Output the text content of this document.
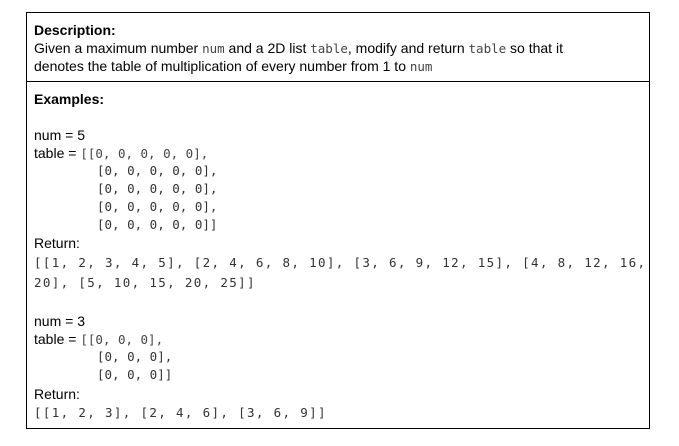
Description:
Given a maximum number num and a 2D list table, modify and return table so that it
denotes the table of multiplication of every number from 1 to num
Examples:
num = 5
table = [[0, 0, 0, 0, 0],
[0, 0, 0, 0, 0],
[0, 0, 0, 0, 0],
[0, 0, 0, 0, 0],
[0, 0, 0, 0, 0]]
Return:
[[1, 2, 3, 4, 5], [2, 4, 6, 8, 10], [3, 6, 9, 12, 15], [4, 8, 12, 16,
20], [5, 10, 15, 20, 25]]
num = 3
table = [[0, 0, 0],
[0, 0, 0],
[0, 0, 0]]
Return:
[[1, 2, 3], [2, 4, 6], [3, 6, 9]]
